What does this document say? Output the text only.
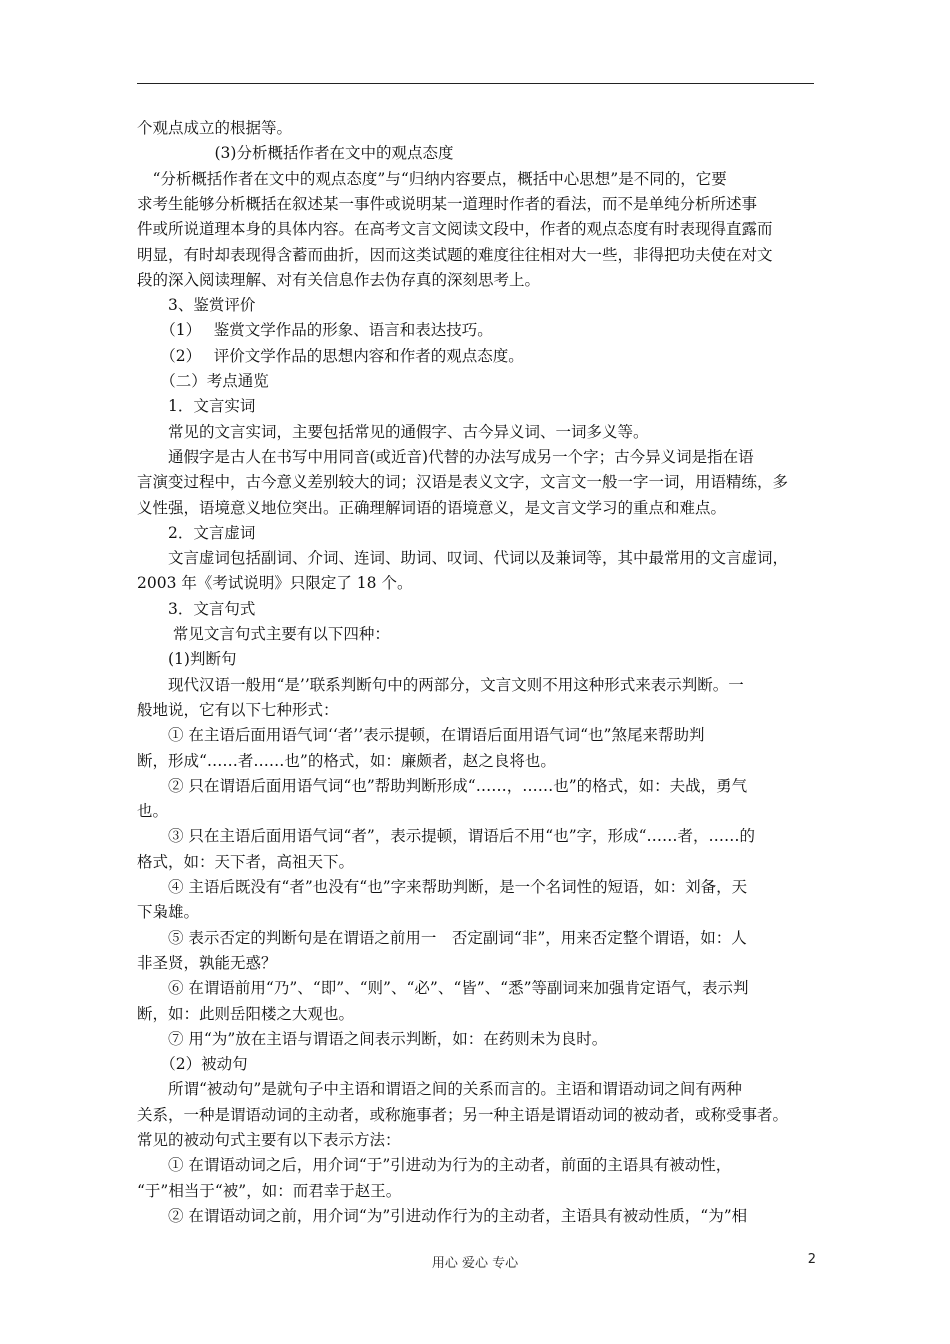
个观点成立的根据等。
　　　　　(3)分析概括作者在文中的观点态度
　“分析概括作者在文中的观点态度”与“归纳内容要点，概括中心思想”是不同的，它要
求考生能够分析概括在叙述某一事件或说明某一道理时作者的看法，而不是单纯分析所述事
件或所说道理本身的具体内容。在高考文言文阅读文段中，作者的观点态度有时表现得直露而
明显，有时却表现得含蓄而曲折，因而这类试题的难度往往相对大一些，非得把功夫使在对文
段的深入阅读理解、对有关信息作去伪存真的深刻思考上。
　　3、鉴赏评价
　　（1）　 鉴赏文学作品的形象、语言和表达技巧。
　　（2）　 评价文学作品的思想内容和作者的观点态度。
　　（二）考点通览
　　1．文言实词
　　常见的文言实词，主要包括常见的通假字、古今异义词、一词多义等。
　　通假字是古人在书写中用同音(或近音)代替的办法写成另一个字；古今异义词是指在语
言演变过程中，古今意义差别较大的词；汉语是表义文字，文言文一般一字一词，用语精练，多
义性强，语境意义地位突出。正确理解词语的语境意义，是文言文学习的重点和难点。
　　2．文言虚词
　　文言虚词包括副词、介词、连词、助词、叹词、代词以及兼词等，其中最常用的文言虚词，
2003 年《考试说明》只限定了 18 个。
　　3．文言句式
　　 常见文言句式主要有以下四种：
　　(1)判断句
　　现代汉语一般用“是’’联系判断句中的两部分，文言文则不用这种形式来表示判断。一
般地说，它有以下七种形式：
　　① 在主语后面用语气词‘‘者’’表示提顿，在谓语后面用语气词“也”煞尾来帮助判
断，形成“……者……也”的格式，如：廉颇者，赵之良将也。
　　② 只在谓语后面用语气词“也”帮助判断形成“……，……也”的格式，如：夫战，勇气
也。
　　③ 只在主语后面用语气词“者”，表示提顿，谓语后不用“也”字，形成“……者，……的
格式，如：天下者，高祖天下。
　　④ 主语后既没有“者”也没有“也”字来帮助判断，是一个名词性的短语，如：刘备，天
下枭雄。
　　⑤ 表示否定的判断句是在谓语之前用一　否定副词“非”，用来否定整个谓语，如：人
非圣贤，孰能无惑？
　　⑥ 在谓语前用“乃”、“即”、“则”、“必”、“皆”、“悉”等副词来加强肯定语气，表示判
断，如：此则岳阳楼之大观也。
　　⑦ 用“为”放在主语与谓语之间表示判断，如：在药则未为良时。
　　（2）被动句
　　所谓“被动句”是就句子中主语和谓语之间的关系而言的。主语和谓语动词之间有两种
关系，一种是谓语动词的主动者，或称施事者；另一种主语是谓语动词的被动者，或称受事者。
常见的被动句式主要有以下表示方法：
　　① 在谓语动词之后，用介词“于”引进动为行为的主动者，前面的主语具有被动性，
“于”相当于“被”，如：而君幸于赵王。
　　② 在谓语动词之前，用介词“为”引进动作行为的主动者，主语具有被动性质，“为”相
用心 爱心 专心	2
